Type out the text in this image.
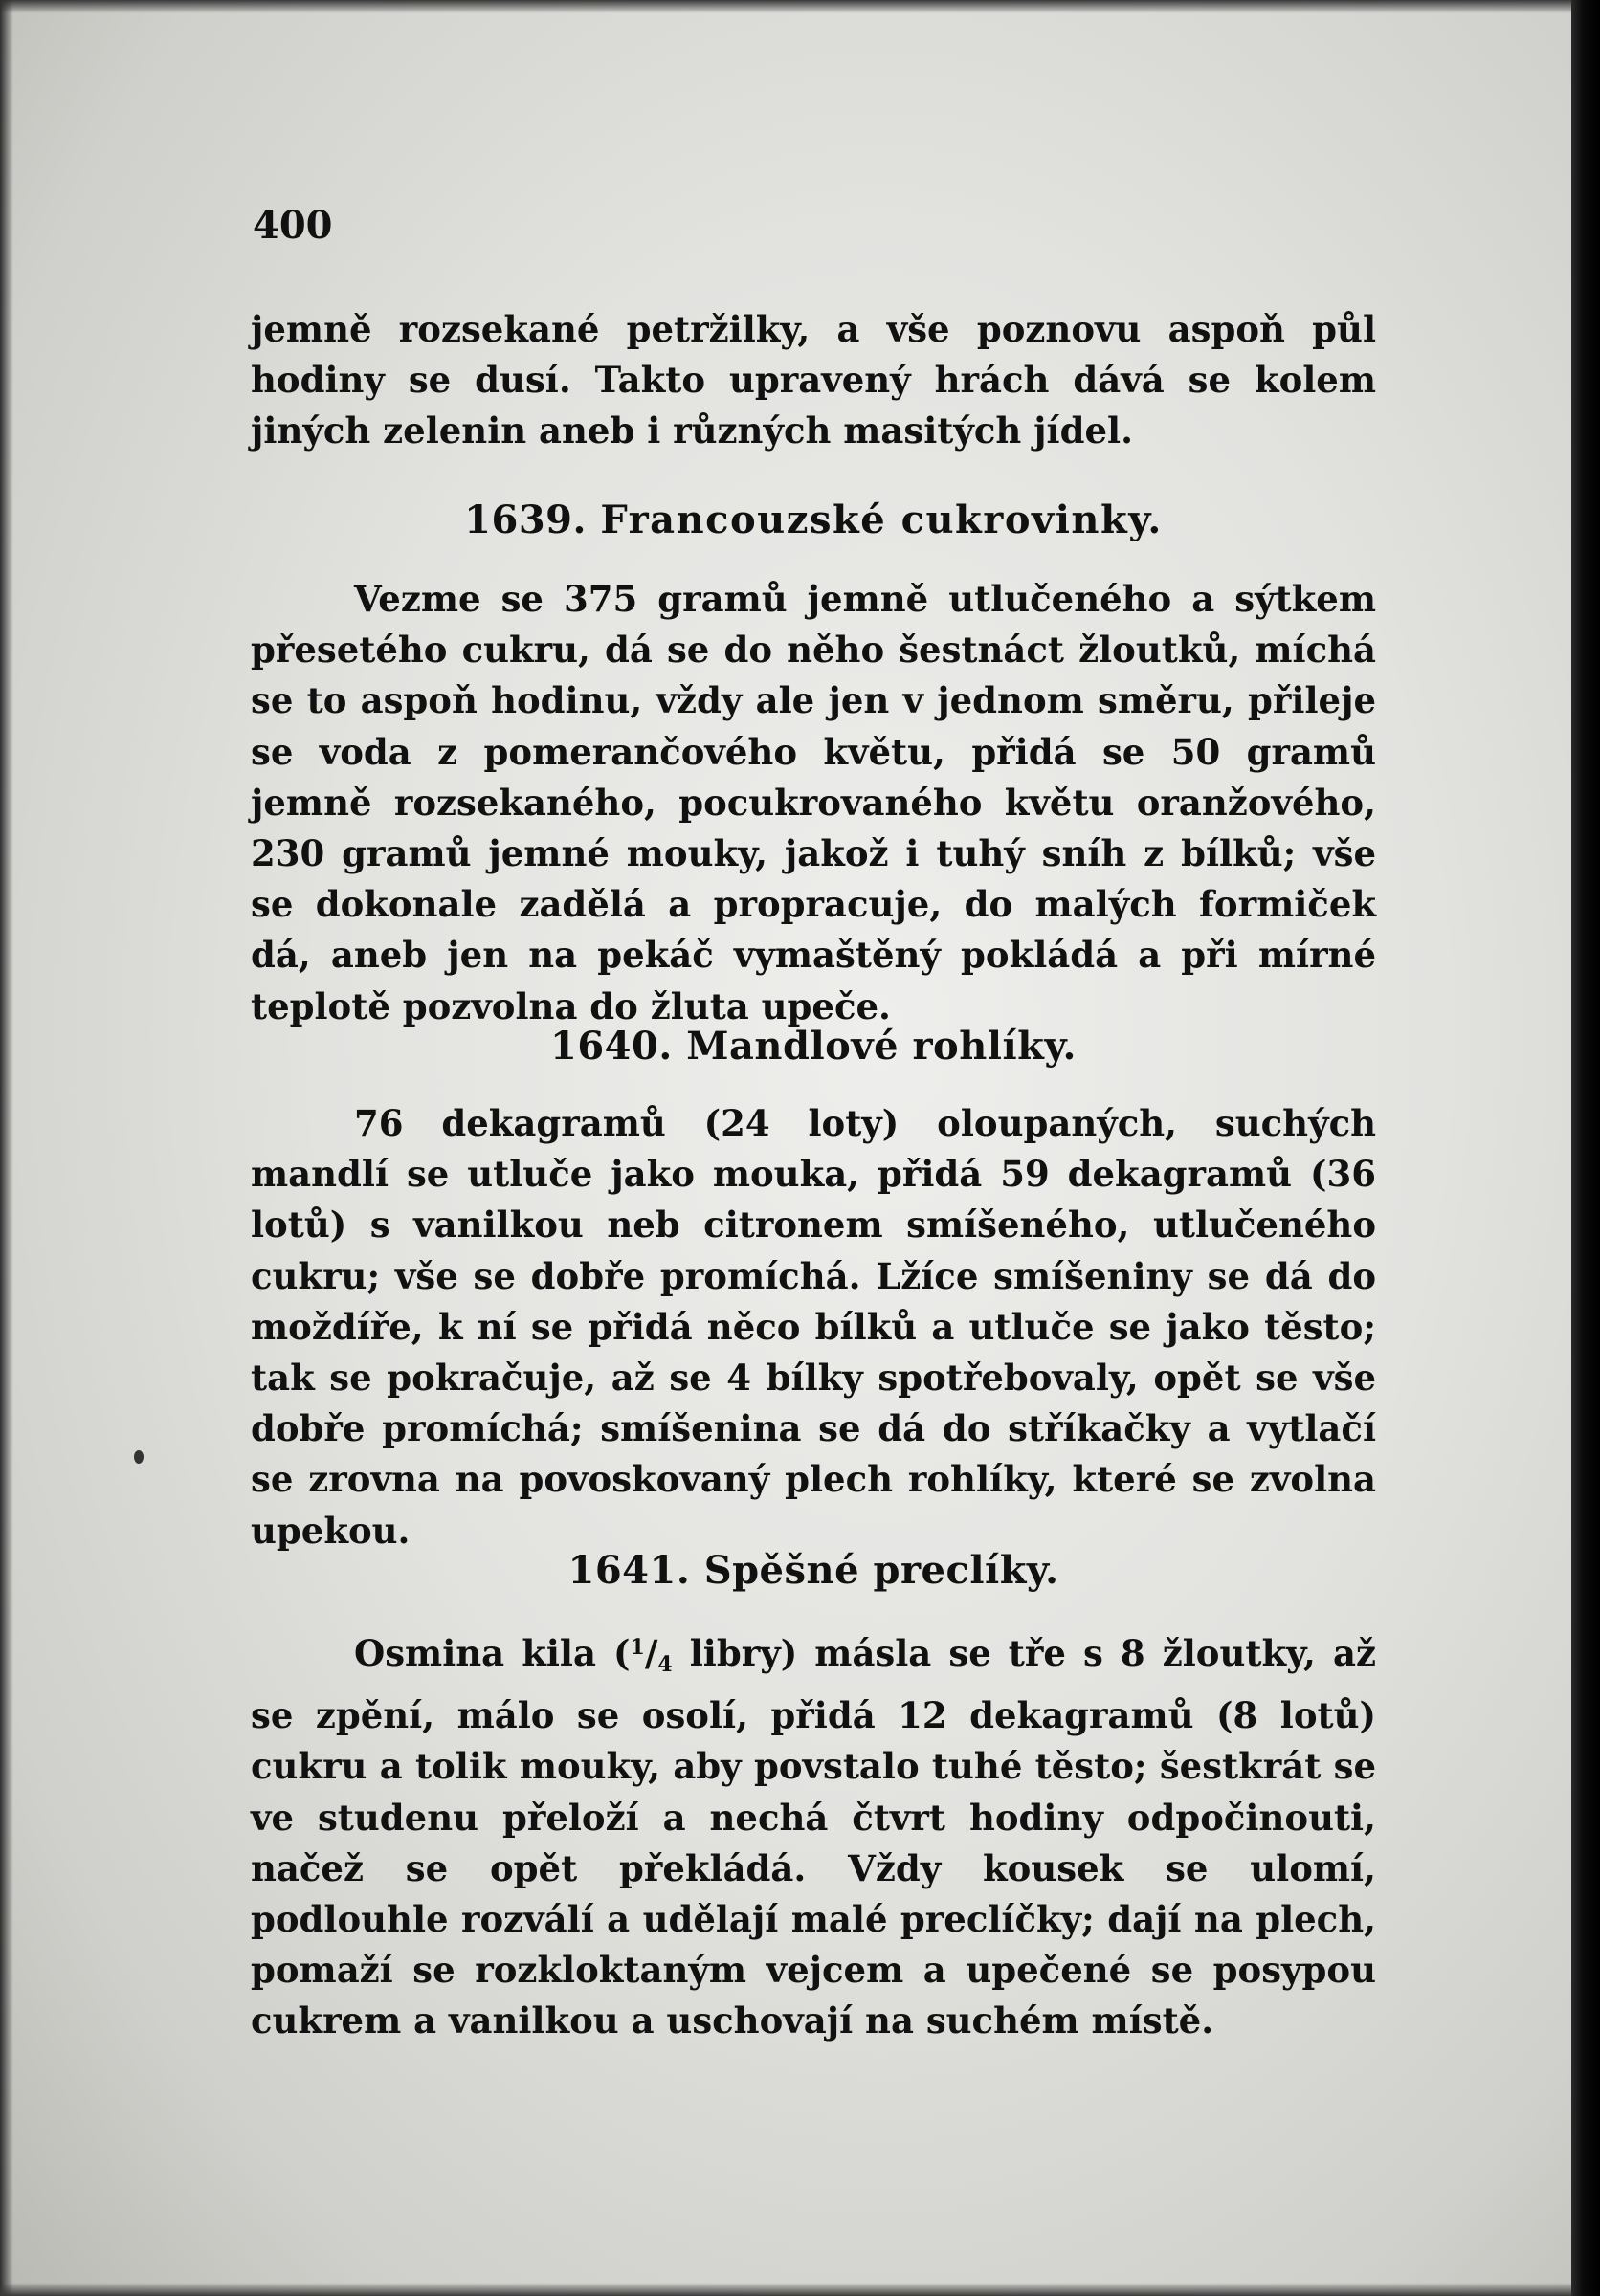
400

jemně rozsekané petržilky, a vše poznovu aspoň půl hodiny se dusí. Takto upravený hrách dává se kolem jiných zelenin aneb i různých masitých jídel.

1639. Francouzské cukrovinky.

Vezme se 375 gramů jemně utlučeného a sýtkem přesetého cukru, dá se do něho šestnáct žloutků, míchá se to aspoň hodinu, vždy ale jen v jednom směru, přileje se voda z pomerančového květu, přidá se 50 gramů jemně rozsekaného, pocukrovaného květu oranžového, 230 gramů jemné mouky, jakož i tuhý sníh z bílků; vše se dokonale zadělá a propracuje, do malých formiček dá, aneb jen na pekáč vymaštěný pokládá a při mírné teplotě pozvolna do žluta upeče.

1640. Mandlové rohlíky.

76 dekagramů (24 loty) oloupaných, suchých mandlí se utluče jako mouka, přidá 59 dekagramů (36 lotů) s vanilkou neb citronem smíšeného, utlučeného cukru; vše se dobře promíchá. Lžíce smíšeniny se dá do moždíře, k ní se přidá něco bílků a utluče se jako těsto; tak se pokračuje, až se 4 bílky spotřebovaly, opět se vše dobře promíchá; smíšenina se dá do stříkačky a vytlačí se zrovna na povoskovaný plech rohlíky, které se zvolna upekou.

1641. Spěšné preclíky.

Osmina kila ($^1$/4 libry) másla se tře s 8 žloutky, až se zpění, málo se osolí, přidá 12 dekagramů (8 lotů) cukru a tolik mouky, aby povstalo tuhé těsto; šestkrát se ve studenu přeloží a nechá čtvrt hodiny odpočinouti, načež se opět překládá. Vždy kousek se ulomí, podlouhle rozválí a udělají malé preclíčky; dají na plech, pomaží se rozkloktaným vejcem a upečené se posypou cukrem a vanilkou a uschovají na suchém místě.
